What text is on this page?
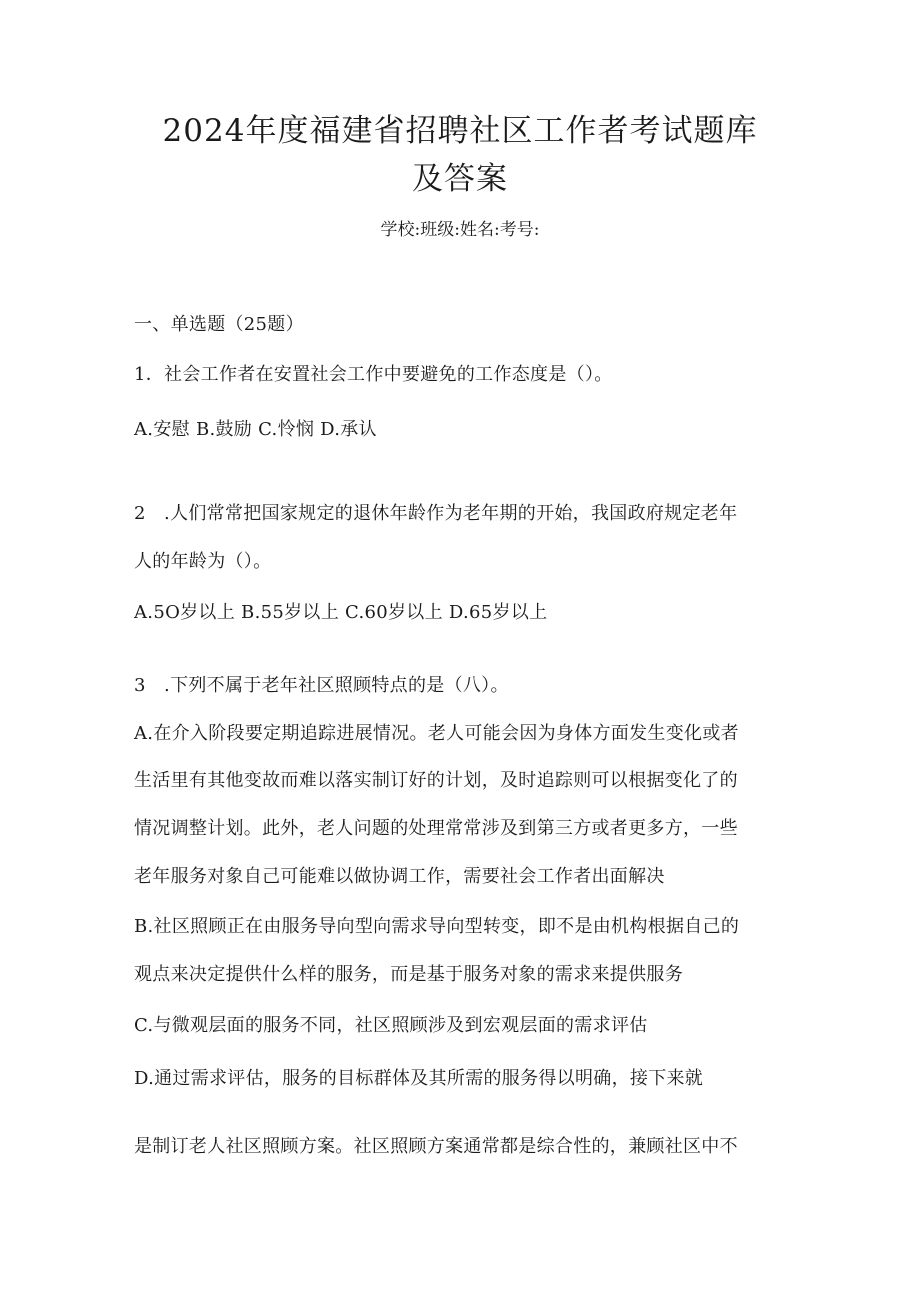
2024年度福建省招聘社区工作者考试题库
及答案
学校:班级:姓名:考号:
一、单选题（25题）
1．社会工作者在安置社会工作中要避免的工作态度是（）。
A.安慰 B.鼓励 C.怜悯 D.承认
2　.人们常常把国家规定的退休年龄作为老年期的开始，我国政府规定老年
人的年龄为（）。
A.5O岁以上 B.55岁以上 C.60岁以上 D.65岁以上
3　.下列不属于老年社区照顾特点的是（八）。
A.在介入阶段要定期追踪进展情况。老人可能会因为身体方面发生变化或者
生活里有其他变故而难以落实制订好的计划，及时追踪则可以根据变化了的
情况调整计划。此外，老人问题的处理常常涉及到第三方或者更多方，一些
老年服务对象自己可能难以做协调工作，需要社会工作者出面解决
B.社区照顾正在由服务导向型向需求导向型转变，即不是由机构根据自己的
观点来决定提供什么样的服务，而是基于服务对象的需求来提供服务
C.与微观层面的服务不同，社区照顾涉及到宏观层面的需求评估
D.通过需求评估，服务的目标群体及其所需的服务得以明确，接下来就
是制订老人社区照顾方案。社区照顾方案通常都是综合性的，兼顾社区中不
